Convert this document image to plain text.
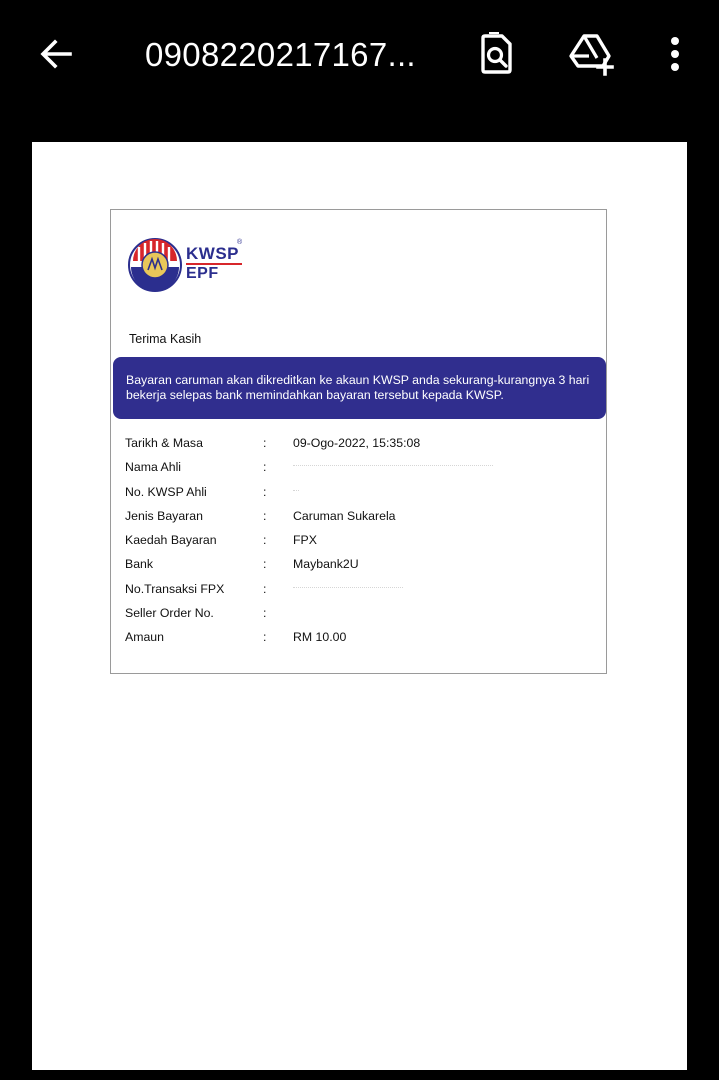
0908220217167...
KWSP
®
EPF
Terima Kasih
Bayaran caruman akan dikreditkan ke akaun KWSP anda sekurang-kurangnya 3 hari bekerja selepas bank memindahkan bayaran tersebut kepada KWSP.
Tarikh & Masa	: 09-Ogo-2022, 15:35:08
Nama Ahli	:
No. KWSP Ahli	:
Jenis Bayaran	: Caruman Sukarela
Kaedah Bayaran	: FPX
Bank	: Maybank2U
No.Transaksi FPX	:
Seller Order No.	:
Amaun	: RM 10.00
